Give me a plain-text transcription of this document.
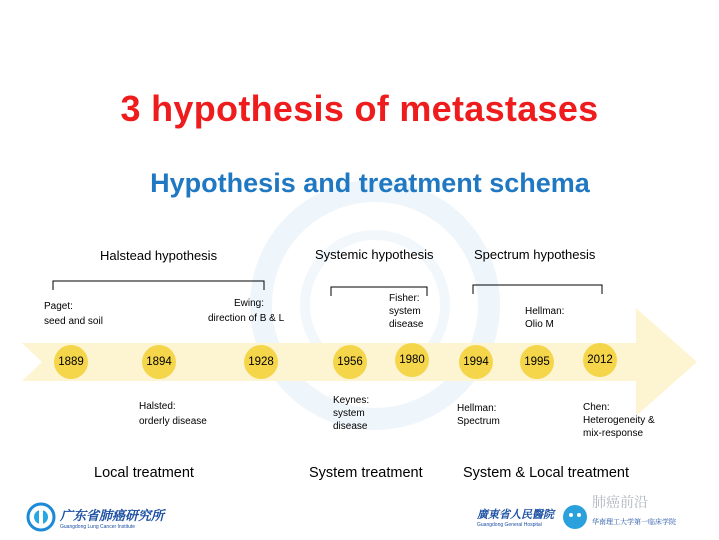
3 hypothesis of metastases
Hypothesis and treatment schema
Halstead hypothesis	Systemic hypothesis	Spectrum hypothesis
Paget:
seed and soil
Ewing:
direction of B & L
Fisher:
system
disease
Hellman:
Olio M
1889	1894	1928	1956	1980	1994	1995	2012
Halsted:
orderly disease
Keynes:
system
disease
Hellman:
Spectrum
Chen:
Heterogeneity &
mix-response
Local treatment	System treatment	System & Local treatment
广东省肺癌研究所
Guangdong Lung Cancer Institute
廣東省人民醫院
Guangdong General Hospital
肺癌前沿
华南理工大学第一临床学院
